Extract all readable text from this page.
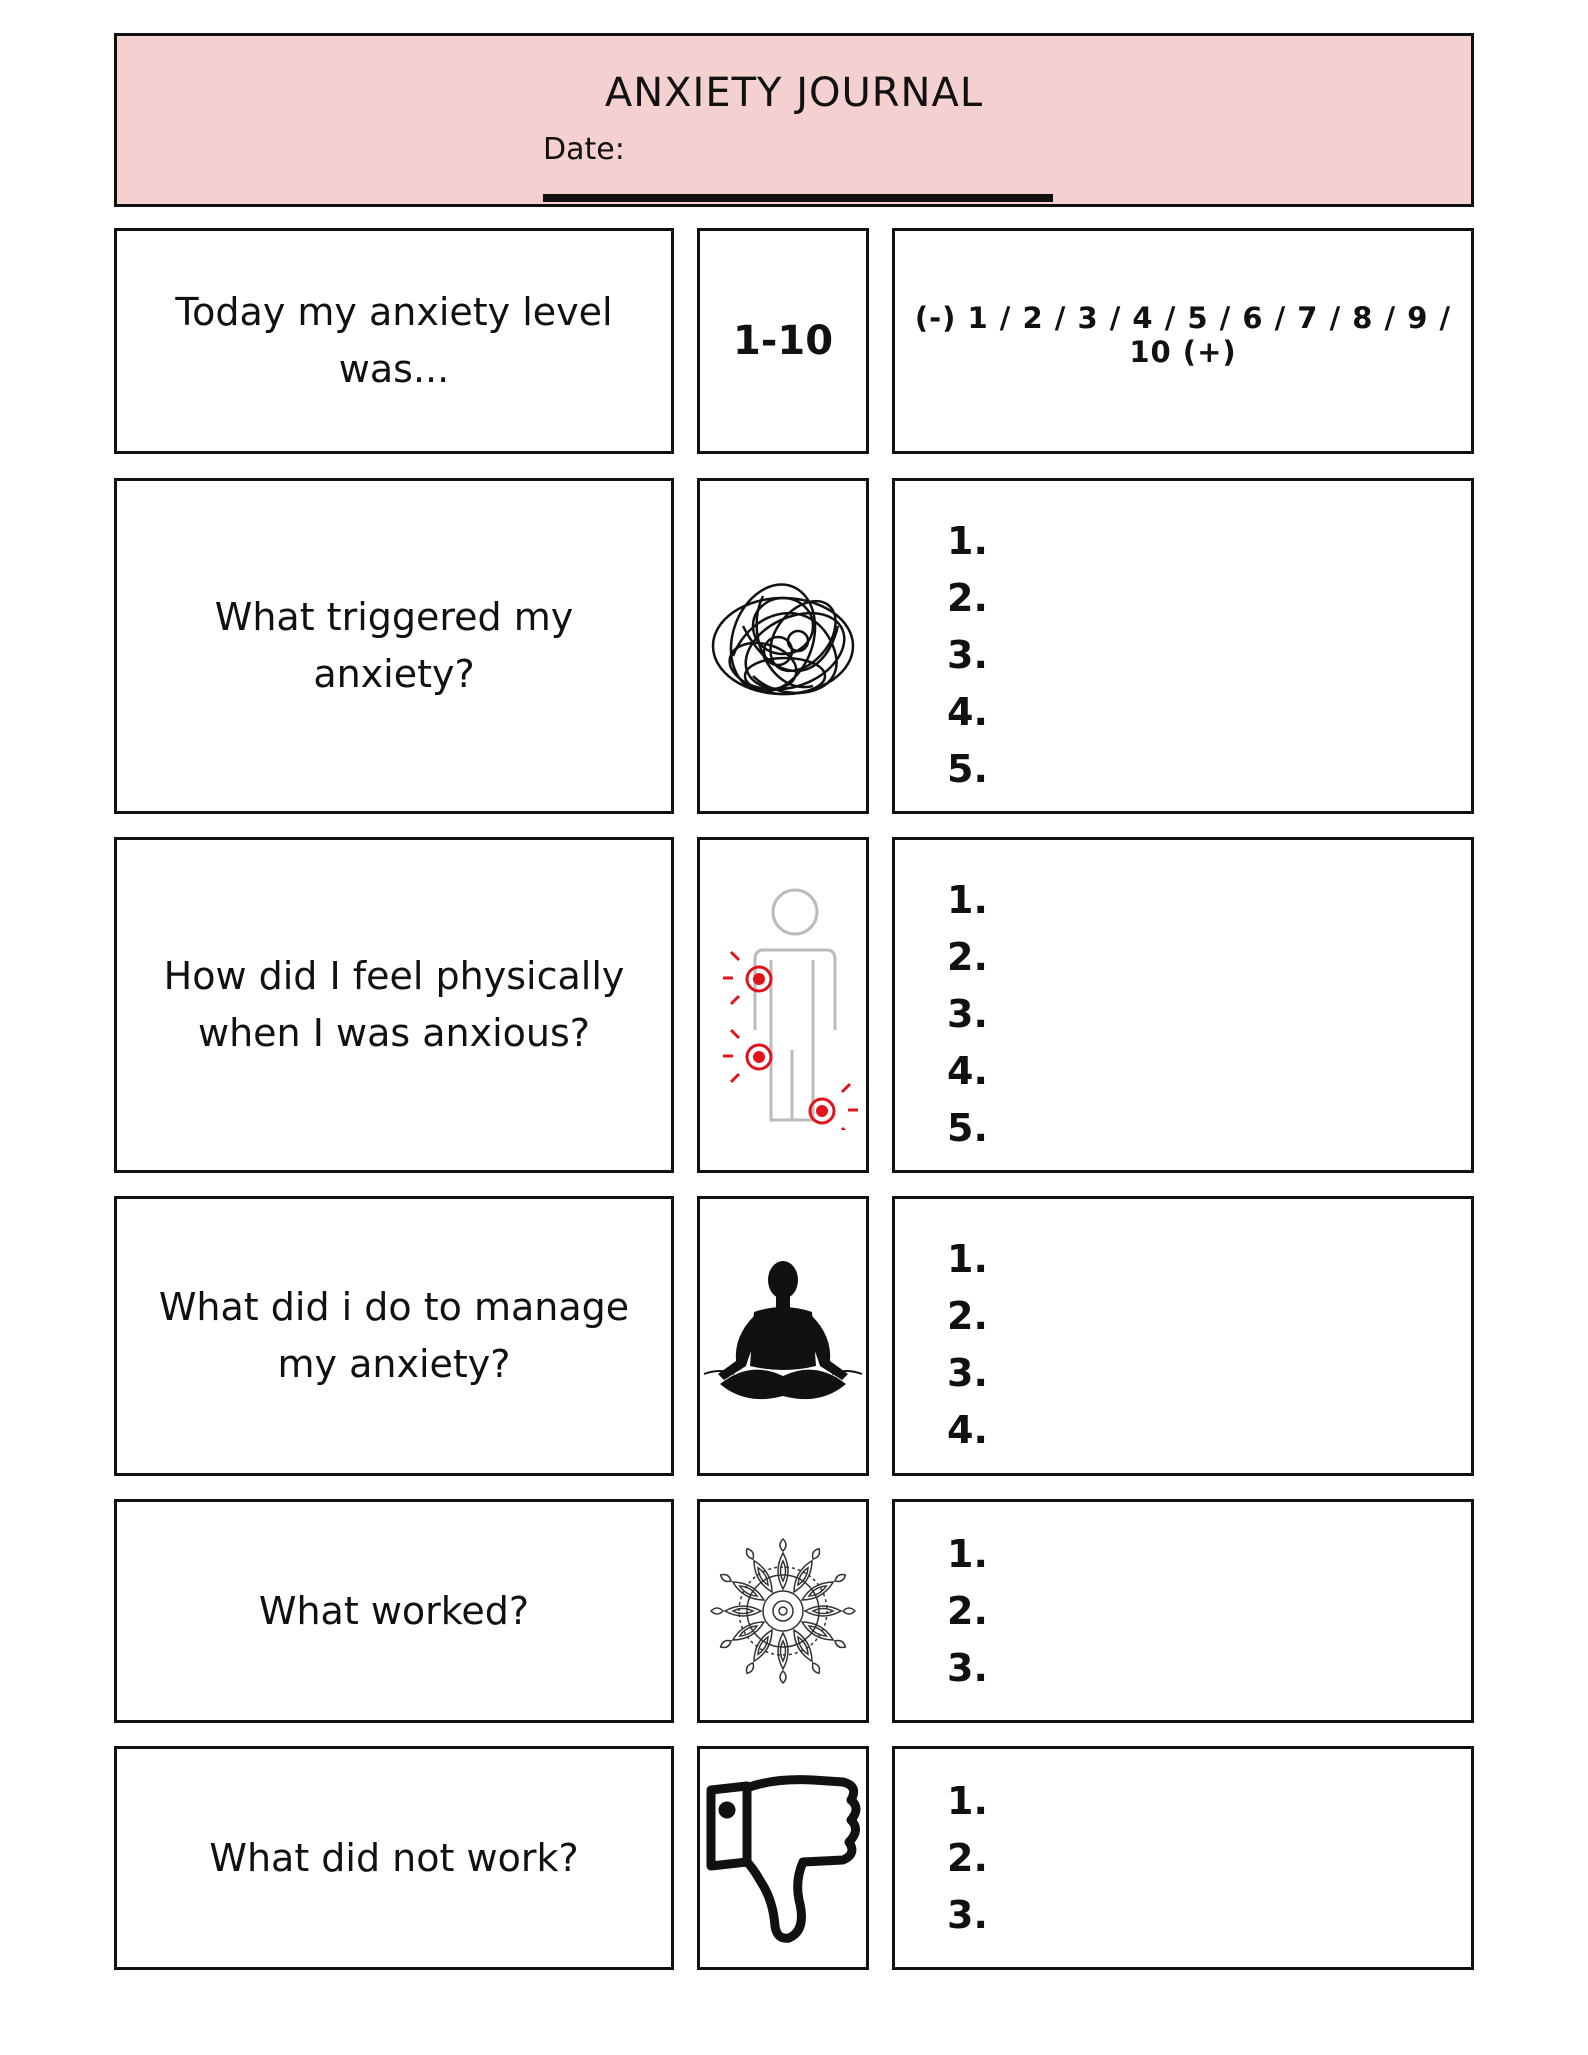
ANXIETY JOURNAL
Date:
Today my anxiety level was...
1-10	(-) 1 / 2 / 3 / 4 / 5 / 6 / 7 / 8 / 9 / 10 (+)
What triggered my anxiety?
1.
2.
3.
4.
5.
How did I feel physically when I was anxious?
1.
2.
3.
4.
5.
What did i do to manage my anxiety?
1.
2.
3.
4.
What worked?
1.
2.
3.
What did not work?
1.
2.
3.
